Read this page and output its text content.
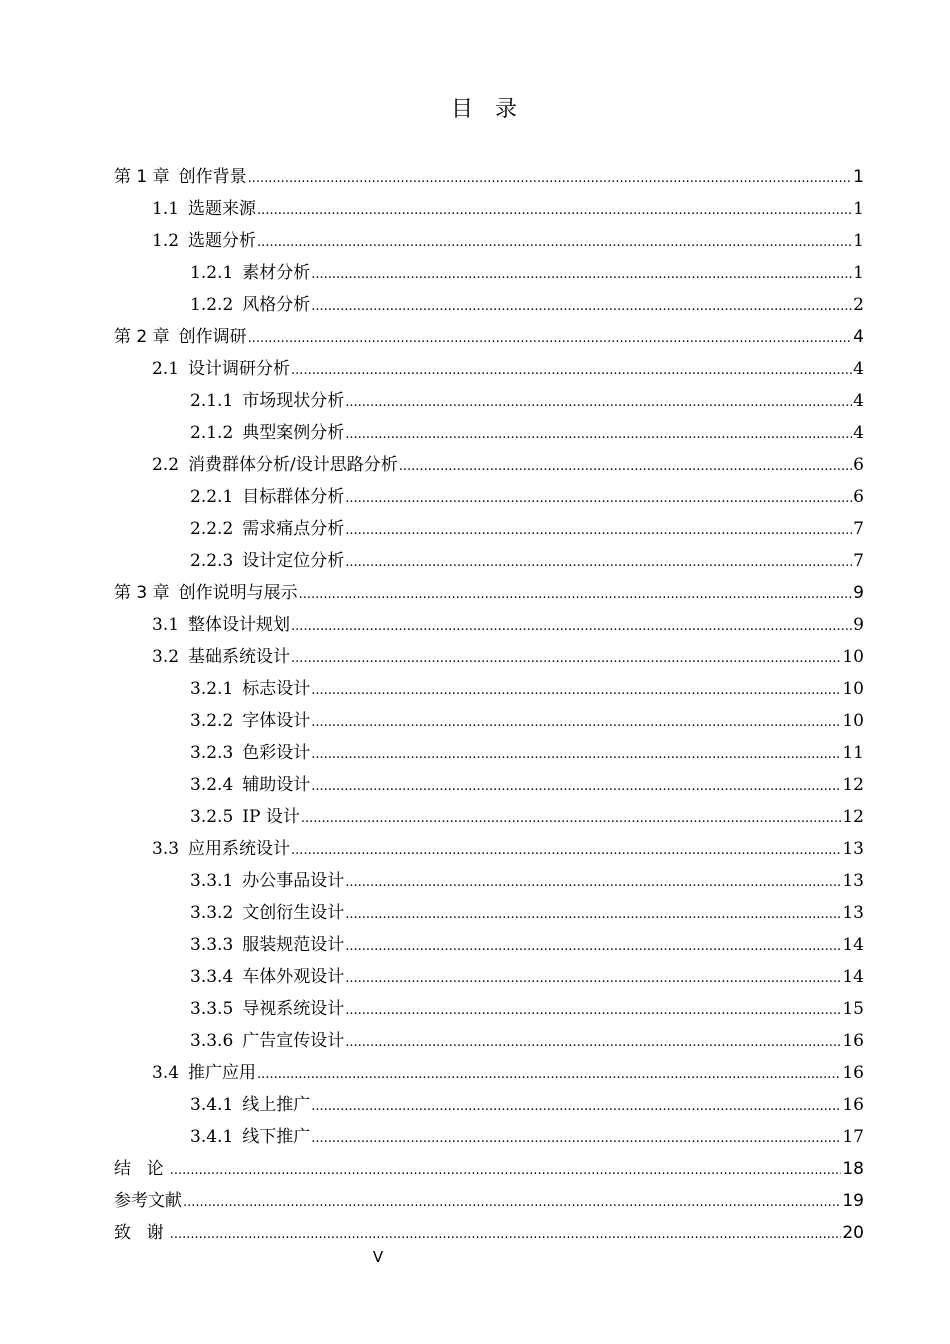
目录
第 1 章 创作背景 .....	1
1.1 选题来源 .....	1
1.2 选题分析 .....	1
1.2.1 素材分析 .....	1
1.2.2 风格分析 .....	2
第 2 章 创作调研 .....	4
2.1 设计调研分析 .....	4
2.1.1 市场现状分析 .....	4
2.1.2 典型案例分析 .....	4
2.2 消费群体分析/设计思路分析 .....	6
2.2.1 目标群体分析 .....	6
2.2.2 需求痛点分析 .....	7
2.2.3 设计定位分析 .....	7
第 3 章 创作说明与展示 .....	9
3.1 整体设计规划 .....	9
3.2 基础系统设计 .....	10
3.2.1 标志设计 .....	10
3.2.2 字体设计 .....	10
3.2.3 色彩设计 .....	11
3.2.4 辅助设计 .....	12
3.2.5 IP 设计 .....	12
3.3 应用系统设计 .....	13
3.3.1 办公事品设计 .....	13
3.3.2 文创衍生设计 .....	13
3.3.3 服装规范设计 .....	14
3.3.4 车体外观设计 .....	14
3.3.5 导视系统设计 .....	15
3.3.6 广告宣传设计 .....	16
3.4 推广应用 .....	16
3.4.1 线上推广 .....	16
3.4.1 线下推广 .....	17
结 论 .....	18
参考文献 .....	19
致 谢 .....	20
V
